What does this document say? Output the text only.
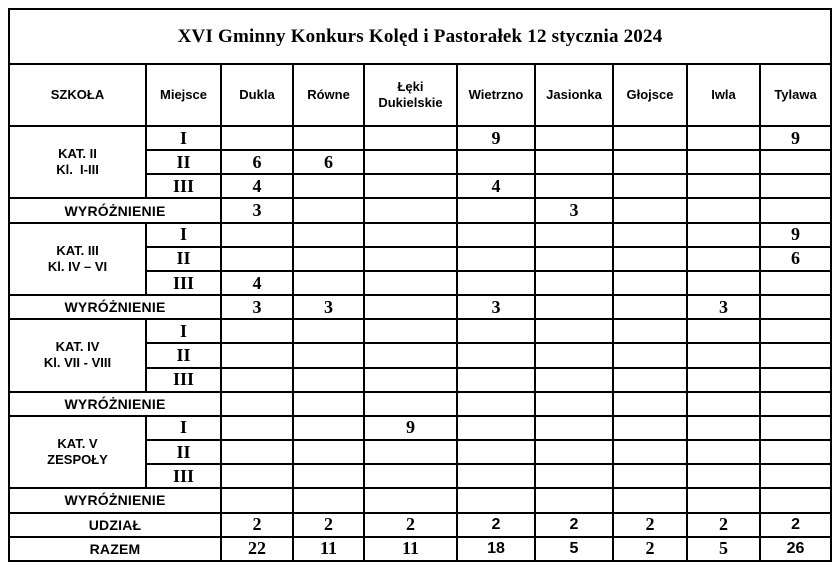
XVI Gminny Konkurs Kolęd i Pastorałek 12 stycznia 2024									
SZKOŁA	Miejsce	Dukla	Równe	Łęki Dukielskie	Wietrzno	Jasionka	Głojsce	Iwla	Tylawa

KAT. II
Kl.  I-III	I				9				9
	II	6	6						
	III	4			4				
WYRÓŻNIENIE		3				3			

KAT. III
Kl. IV – VI	I								9
	II								6
	III	4							
WYRÓŻNIENIE		3	3		3			3	

KAT. IV
Kl. VII - VIII	I								
	II								
	III								
WYRÓŻNIENIE									

KAT. V
ZESPOŁY	I			9					
	II								
	III								
WYRÓŻNIENIE									
UDZIAŁ		2	2	2	2	2	2	2	2
RAZEM		22	11	11	18	5	2	5	26
